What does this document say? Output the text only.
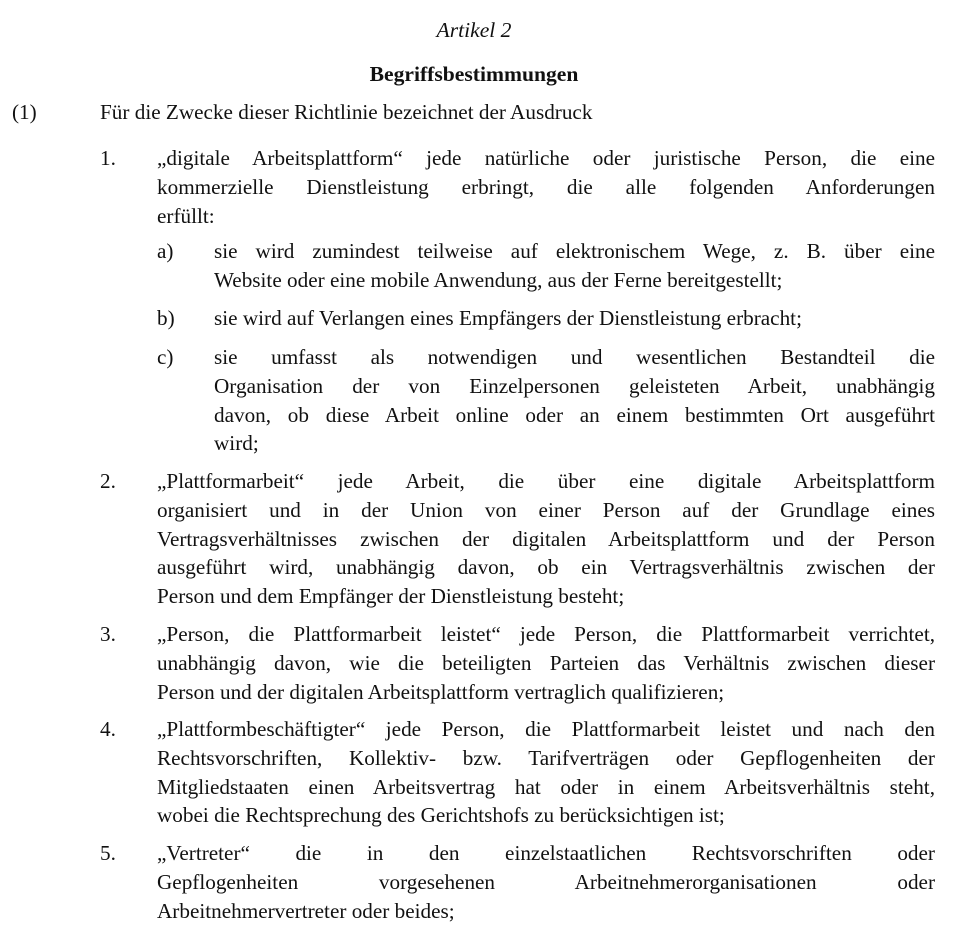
Artikel 2
Begriffsbestimmungen
(1)	Für die Zwecke dieser Richtlinie bezeichnet der Ausdruck
1. „digitale Arbeitsplattform“ jede natürliche oder juristische Person, die eine
kommerzielle Dienstleistung erbringt, die alle folgenden Anforderungen
erfüllt:
a) sie wird zumindest teilweise auf elektronischem Wege, z. B. über eine
Website oder eine mobile Anwendung, aus der Ferne bereitgestellt;
b) sie wird auf Verlangen eines Empfängers der Dienstleistung erbracht;
c) sie umfasst als notwendigen und wesentlichen Bestandteil die
Organisation der von Einzelpersonen geleisteten Arbeit, unabhängig
davon, ob diese Arbeit online oder an einem bestimmten Ort ausgeführt
wird;
2. „Plattformarbeit“ jede Arbeit, die über eine digitale Arbeitsplattform
organisiert und in der Union von einer Person auf der Grundlage eines
Vertragsverhältnisses zwischen der digitalen Arbeitsplattform und der Person
ausgeführt wird, unabhängig davon, ob ein Vertragsverhältnis zwischen der
Person und dem Empfänger der Dienstleistung besteht;
3. „Person, die Plattformarbeit leistet“ jede Person, die Plattformarbeit verrichtet,
unabhängig davon, wie die beteiligten Parteien das Verhältnis zwischen dieser
Person und der digitalen Arbeitsplattform vertraglich qualifizieren;
4. „Plattformbeschäftigter“ jede Person, die Plattformarbeit leistet und nach den
Rechtsvorschriften, Kollektiv- bzw. Tarifverträgen oder Gepflogenheiten der
Mitgliedstaaten einen Arbeitsvertrag hat oder in einem Arbeitsverhältnis steht,
wobei die Rechtsprechung des Gerichtshofs zu berücksichtigen ist;
5. „Vertreter“ die in den einzelstaatlichen Rechtsvorschriften oder
Gepflogenheiten vorgesehenen Arbeitnehmerorganisationen oder
Arbeitnehmervertreter oder beides;
